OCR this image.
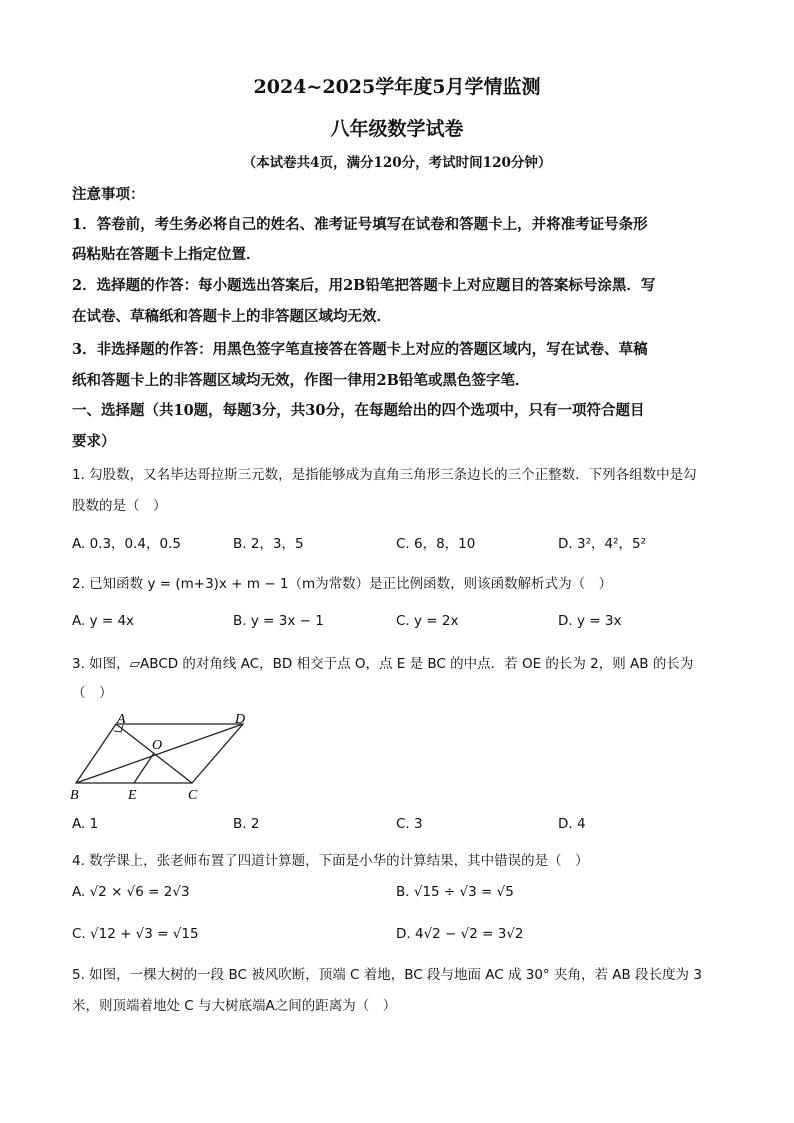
2024~2025学年度5月学情监测
八年级数学试卷
（本试卷共4页，满分120分，考试时间120分钟）
注意事项：
1．答卷前，考生务必将自己的姓名、准考证号填写在试卷和答题卡上，并将准考证号条形
码粘贴在答题卡上指定位置．
2．选择题的作答：每小题选出答案后，用2B铅笔把答题卡上对应题目的答案标号涂黑．写
在试卷、草稿纸和答题卡上的非答题区域均无效．
3．非选择题的作答：用黑色签字笔直接答在答题卡上对应的答题区域内，写在试卷、草稿
纸和答题卡上的非答题区域均无效，作图一律用2B铅笔或黑色签字笔．
一、选择题（共10题，每题3分，共30分，在每题给出的四个选项中，只有一项符合题目
要求）
1. 勾股数，又名毕达哥拉斯三元数，是指能够成为直角三角形三条边长的三个正整数．下列各组数中是勾
股数的是（　）
A. 0.3，0.4，0.5	B. 2，3，5	C. 6，8，10	D. 3²，4²，5²
2. 已知函数 y = (m+3)x + m − 1（m为常数）是正比例函数，则该函数解析式为（　）
A. y = 4x	B. y = 3x − 1	C. y = 2x	D. y = 3x
3. 如图，▱ABCD 的对角线 AC，BD 相交于点 O，点 E 是 BC 的中点．若 OE 的长为 2，则 AB 的长为
（　）
A	D
O
B	E	C
A. 1	B. 2	C. 3	D. 4
4. 数学课上，张老师布置了四道计算题，下面是小华的计算结果，其中错误的是（　）
A. √2 × √6 = 2√3	B. √15 ÷ √3 = √5
C. √12 + √3 = √15	D. 4√2 − √2 = 3√2
5. 如图，一棵大树的一段 BC 被风吹断，顶端 C 着地，BC 段与地面 AC 成 30° 夹角，若 AB 段长度为 3
米，则顶端着地处 C 与大树底端A之间的距离为（　）
